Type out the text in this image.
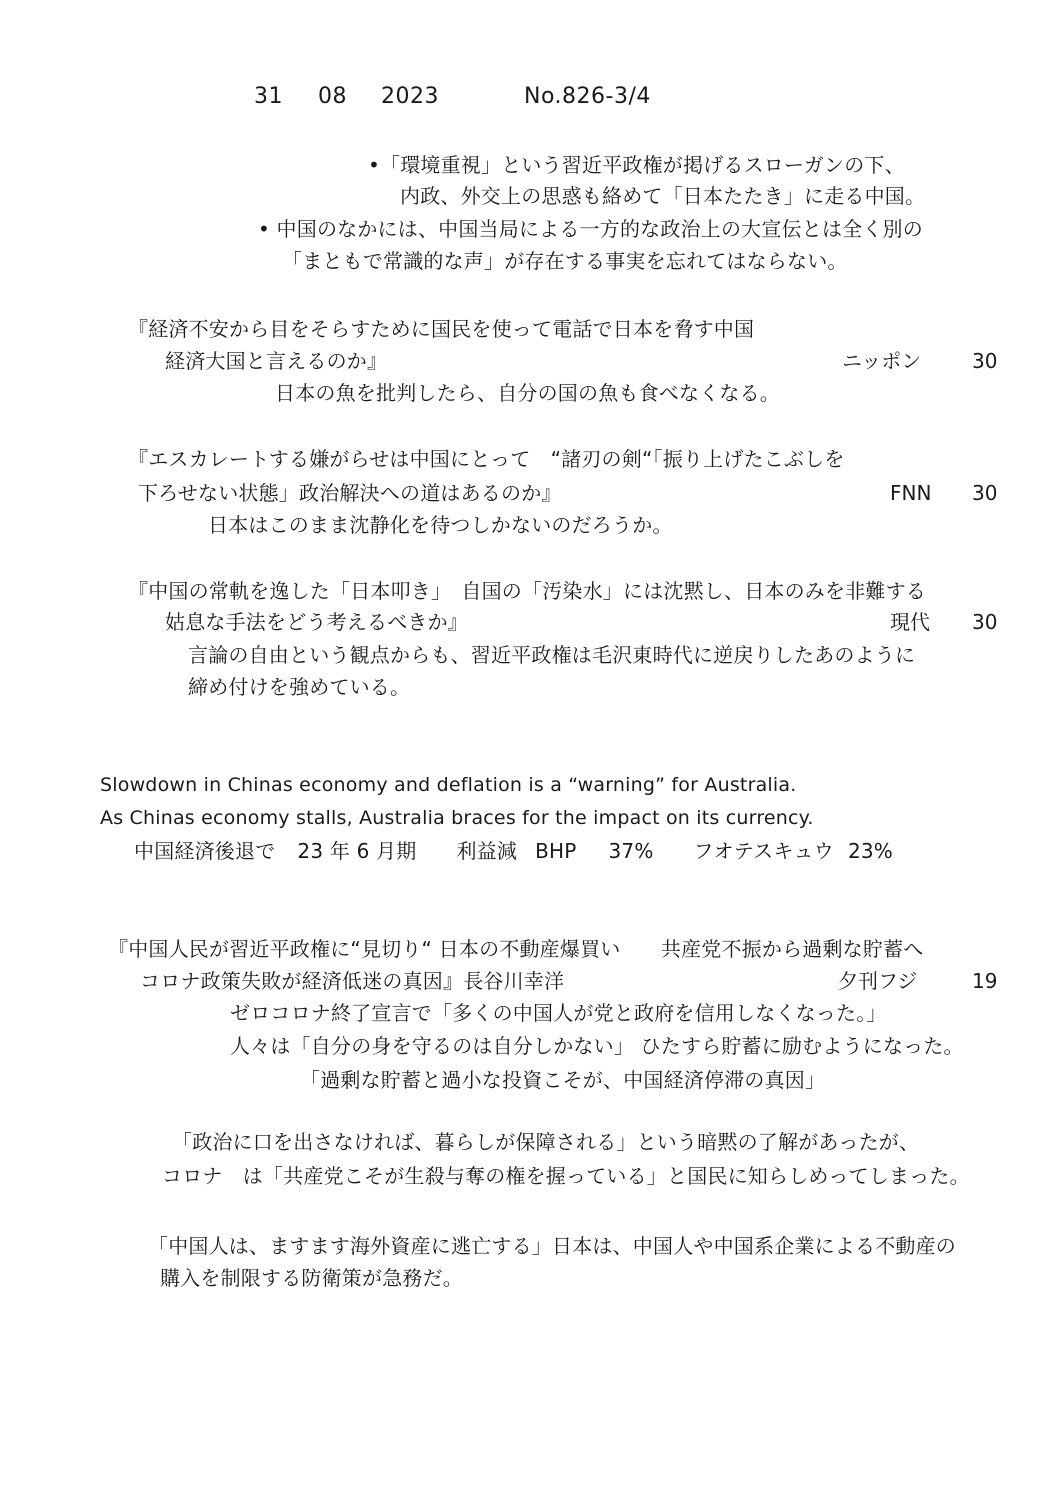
31 08 2023	No.826-3/4
•「環境重視」という習近平政権が掲げるスローガンの下、
内政、外交上の思惑も絡めて「日本たたき」に走る中国。
• 中国のなかには、中国当局による一方的な政治上の大宣伝とは全く別の
「まともで常識的な声」が存在する事実を忘れてはならない。
『経済不安から目をそらすために国民を使って電話で日本を脅す中国
経済大国と言えるのか』	ニッポン	30
日本の魚を批判したら、自分の国の魚も食べなくなる。
『エスカレートする嫌がらせは中国にとって　“諸刃の剣“「振り上げたこぶしを
下ろせない状態」政治解決への道はあるのか』	FNN 30
日本はこのまま沈静化を待つしかないのだろうか。
『中国の常軌を逸した「日本叩き」　自国の「汚染水」には沈黙し、日本のみを非難する
姑息な手法をどう考えるべきか』	現代 30
言論の自由という観点からも、習近平政権は毛沢東時代に逆戻りしたあのように
締め付けを強めている。
Slowdown in Chinas economy and deflation is a “warning” for Australia.
As Chinas economy stalls, Australia braces for the impact on its currency.
中国経済後退で 23 年 6 月期 利益減 BHP 37% フオテスキュウ 23%
『中国人民が習近平政権に“見切り“ 日本の不動産爆買い　　共産党不振から過剰な貯蓄へ
コロナ政策失敗が経済低迷の真因』長谷川幸洋	夕刊フジ	19
ゼロコロナ終了宣言で「多くの中国人が党と政府を信用しなくなった。」
人々は「自分の身を守るのは自分しかない」 ひたすら貯蓄に励むようになった。
「過剰な貯蓄と過小な投資こそが、中国経済停滞の真因」
「政治に口を出さなければ、暮らしが保障される」という暗黙の了解があったが、
コロナ　は「共産党こそが生殺与奪の権を握っている」と国民に知らしめってしまった。
「中国人は、ますます海外資産に逃亡する」日本は、中国人や中国系企業による不動産の
購入を制限する防衛策が急務だ。
